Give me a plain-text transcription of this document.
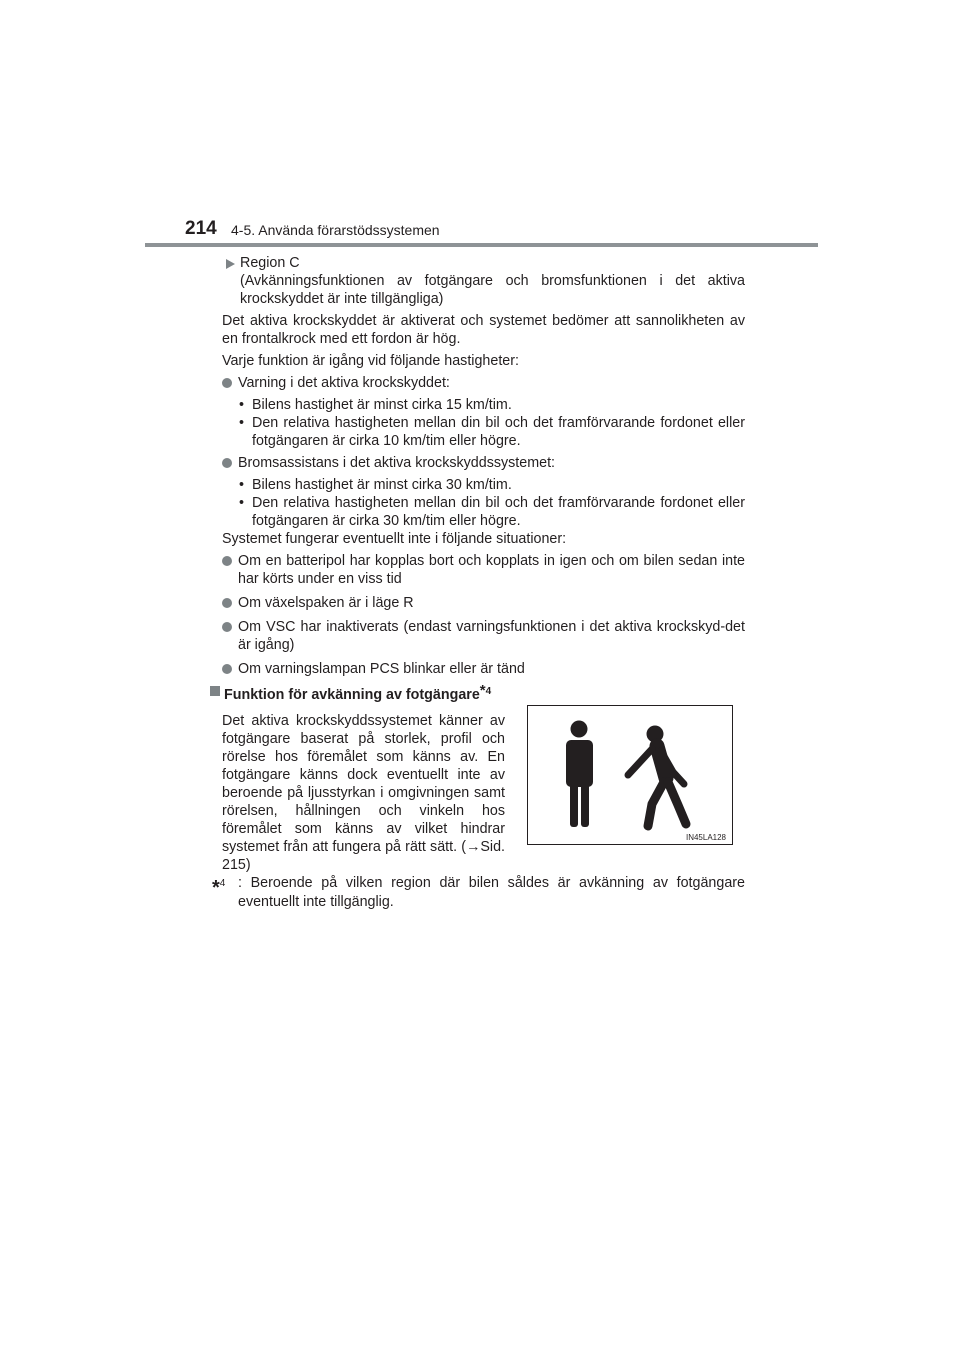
214 4-5. Använda förarstödssystemen
Region C
(Avkänningsfunktionen av fotgängare och bromsfunktionen i det aktiva krockskyddet är inte tillgängliga)
Det aktiva krockskyddet är aktiverat och systemet bedömer att sannolikheten av en frontalkrock med ett fordon är hög.
Varje funktion är igång vid följande hastigheter:
Varning i det aktiva krockskyddet:
• Bilens hastighet är minst cirka 15 km/tim.
• Den relativa hastigheten mellan din bil och det framförvarande fordonet eller fotgängaren är cirka 10 km/tim eller högre.
Bromsassistans i det aktiva krockskyddssystemet:
• Bilens hastighet är minst cirka 30 km/tim.
• Den relativa hastigheten mellan din bil och det framförvarande fordonet eller fotgängaren är cirka 30 km/tim eller högre.
Systemet fungerar eventuellt inte i följande situationer:
Om en batteripol har kopplas bort och kopplats in igen och om bilen sedan inte har körts under en viss tid
Om växelspaken är i läge R
Om VSC har inaktiverats (endast varningsfunktionen i det aktiva krockskyd-det är igång)
Om varningslampan PCS blinkar eller är tänd
Funktion för avkänning av fotgängare*$^4$
Det aktiva krockskyddssystemet känner av fotgängare baserat på storlek, profil och rörelse hos föremålet som känns av. En fotgängare känns dock eventuellt inte av beroende på ljusstyrkan i omgivningen samt rörelsen, hållningen och vinkeln hos föremålet som känns av vilket hindrar systemet från att fungera på rätt sätt. (→Sid. 215)
IN45LA128
*$^4$ : Beroende på vilken region där bilen såldes är avkänning av fotgängare eventuellt inte tillgänglig.
